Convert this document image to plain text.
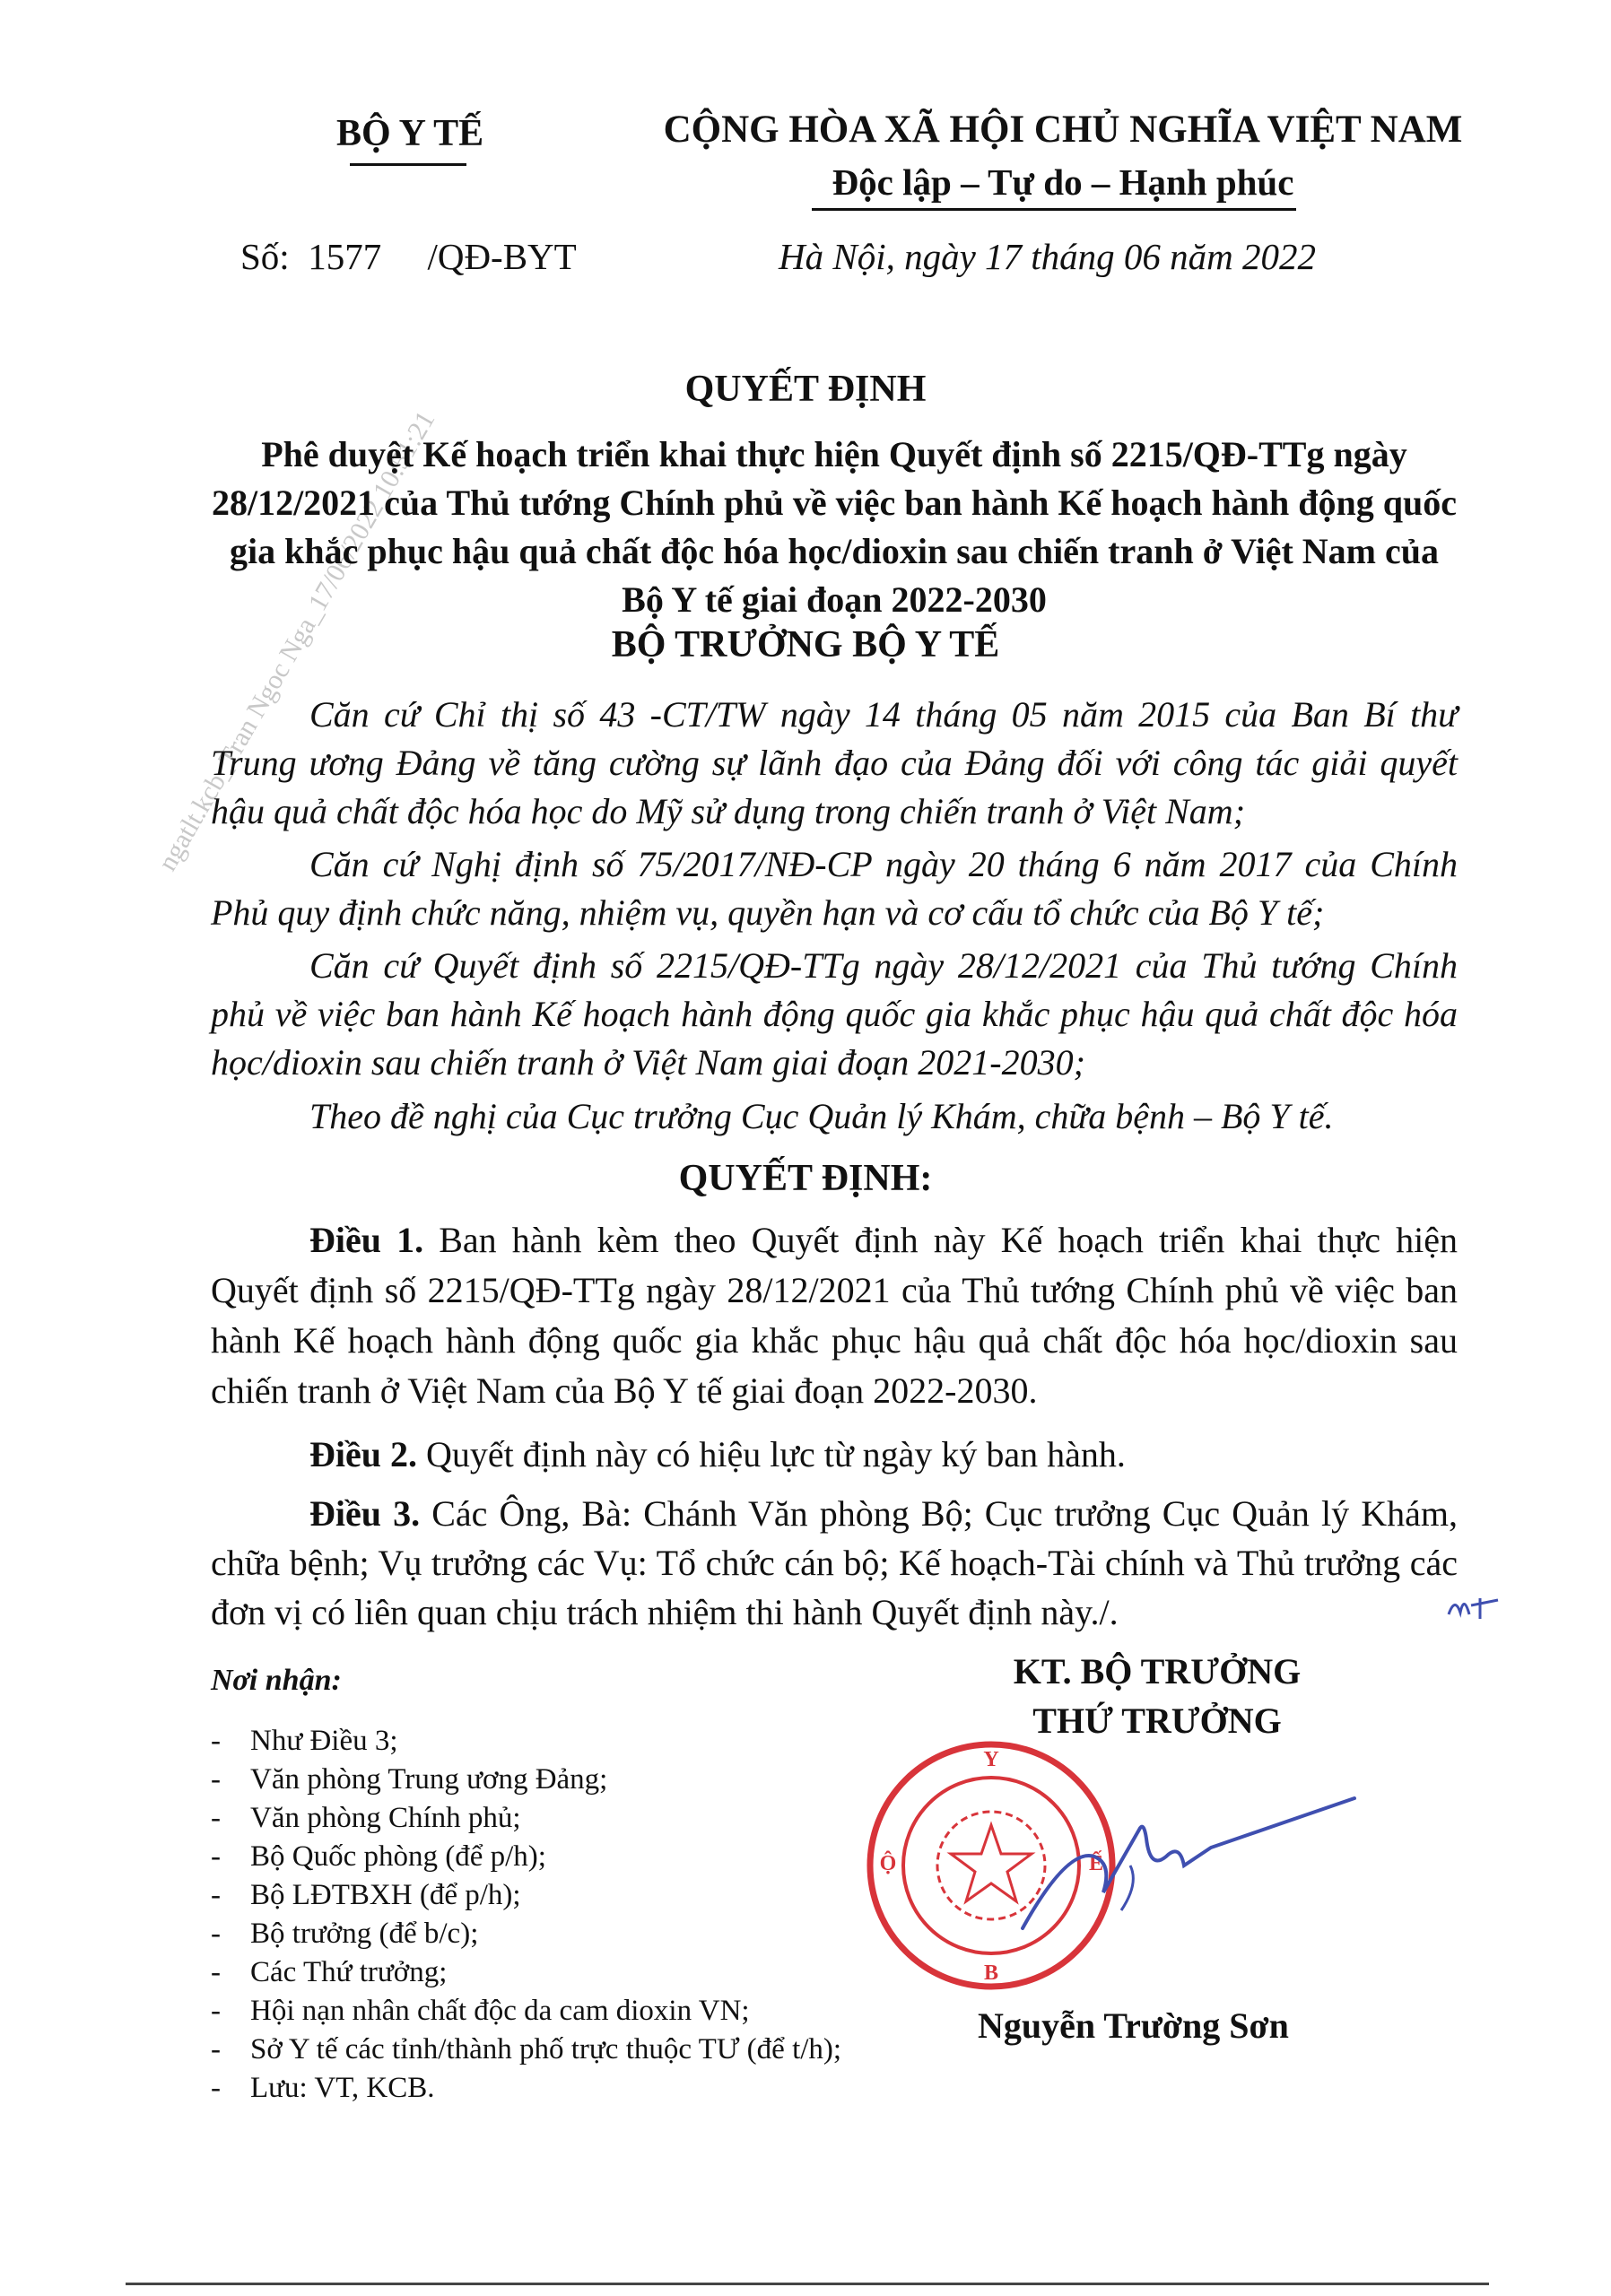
BỘ Y TẾ	CỘNG HÒA XÃ HỘI CHỦ NGHĨA VIỆT NAM
Độc lập – Tự do – Hạnh phúc
Số: 1577 /QĐ-BYT	Hà Nội, ngày 17 tháng 06 năm 2022
ngatlt.kcb_Tran Ngoc Nga_17/06/2022 10:51:21
QUYẾT ĐỊNH
Phê duyệt Kế hoạch triển khai thực hiện Quyết định số 2215/QĐ-TTg ngày 28/12/2021 của Thủ tướng Chính phủ về việc ban hành Kế hoạch hành động quốc gia khắc phục hậu quả chất độc hóa học/dioxin sau chiến tranh ở Việt Nam của Bộ Y tế giai đoạn 2022-2030
BỘ TRƯỞNG BỘ Y TẾ
Căn cứ Chỉ thị số 43 -CT/TW ngày 14 tháng 05 năm 2015 của Ban Bí thư Trung ương Đảng về tăng cường sự lãnh đạo của Đảng đối với công tác giải quyết hậu quả chất độc hóa học do Mỹ sử dụng trong chiến tranh ở Việt Nam;
Căn cứ Nghị định số 75/2017/NĐ-CP ngày 20 tháng 6 năm 2017 của Chính Phủ quy định chức năng, nhiệm vụ, quyền hạn và cơ cấu tổ chức của Bộ Y tế;
Căn cứ Quyết định số 2215/QĐ-TTg ngày 28/12/2021 của Thủ tướng Chính phủ về việc ban hành Kế hoạch hành động quốc gia khắc phục hậu quả chất độc hóa học/dioxin sau chiến tranh ở Việt Nam giai đoạn 2021-2030;
Theo đề nghị của Cục trưởng Cục Quản lý Khám, chữa bệnh – Bộ Y tế.
QUYẾT ĐỊNH:
Điều 1. Ban hành kèm theo Quyết định này Kế hoạch triển khai thực hiện Quyết định số 2215/QĐ-TTg ngày 28/12/2021 của Thủ tướng Chính phủ về việc ban hành Kế hoạch hành động quốc gia khắc phục hậu quả chất độc hóa học/dioxin sau chiến tranh ở Việt Nam của Bộ Y tế giai đoạn 2022-2030.
Điều 2. Quyết định này có hiệu lực từ ngày ký ban hành.
Điều 3. Các Ông, Bà: Chánh Văn phòng Bộ; Cục trưởng Cục Quản lý Khám, chữa bệnh; Vụ trưởng các Vụ: Tổ chức cán bộ; Kế hoạch-Tài chính và Thủ trưởng các đơn vị có liên quan chịu trách nhiệm thi hành Quyết định này./.
Nơi nhận:
- Như Điều 3;
- Văn phòng Trung ương Đảng;
- Văn phòng Chính phủ;
- Bộ Quốc phòng (để p/h);
- Bộ LĐTBXH (để p/h);
- Bộ trưởng (để b/c);
- Các Thứ trưởng;
- Hội nạn nhân chất độc da cam dioxin VN;
- Sở Y tế các tỉnh/thành phố trực thuộc TƯ (để t/h);
- Lưu: VT, KCB.
KT. BỘ TRƯỞNG
THỨ TRƯỞNG
Y
Ộ
B
Ế
Nguyễn Trường Sơn
